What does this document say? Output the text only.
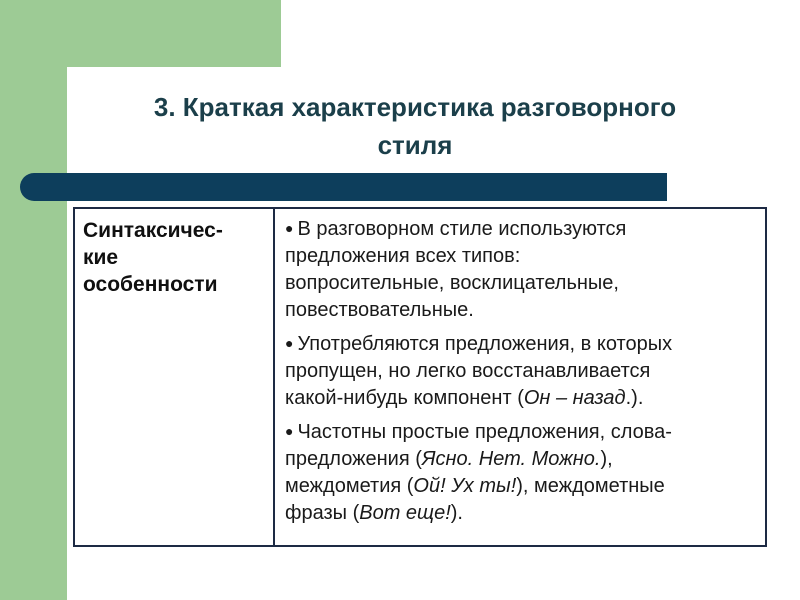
3. Краткая характеристика разговорного
стиля
Синтаксичес-
кие
особенности
● В разговорном стиле используются
предложения всех типов:
вопросительные, восклицательные,
повествовательные.
● Употребляются предложения, в которых
пропущен, но легко восстанавливается
какой-нибудь компонент (Он – назад.).
● Частотны простые предложения, слова-
предложения (Ясно. Нет. Можно.),
междометия (Ой! Ух ты!), междометные
фразы (Вот еще!).
